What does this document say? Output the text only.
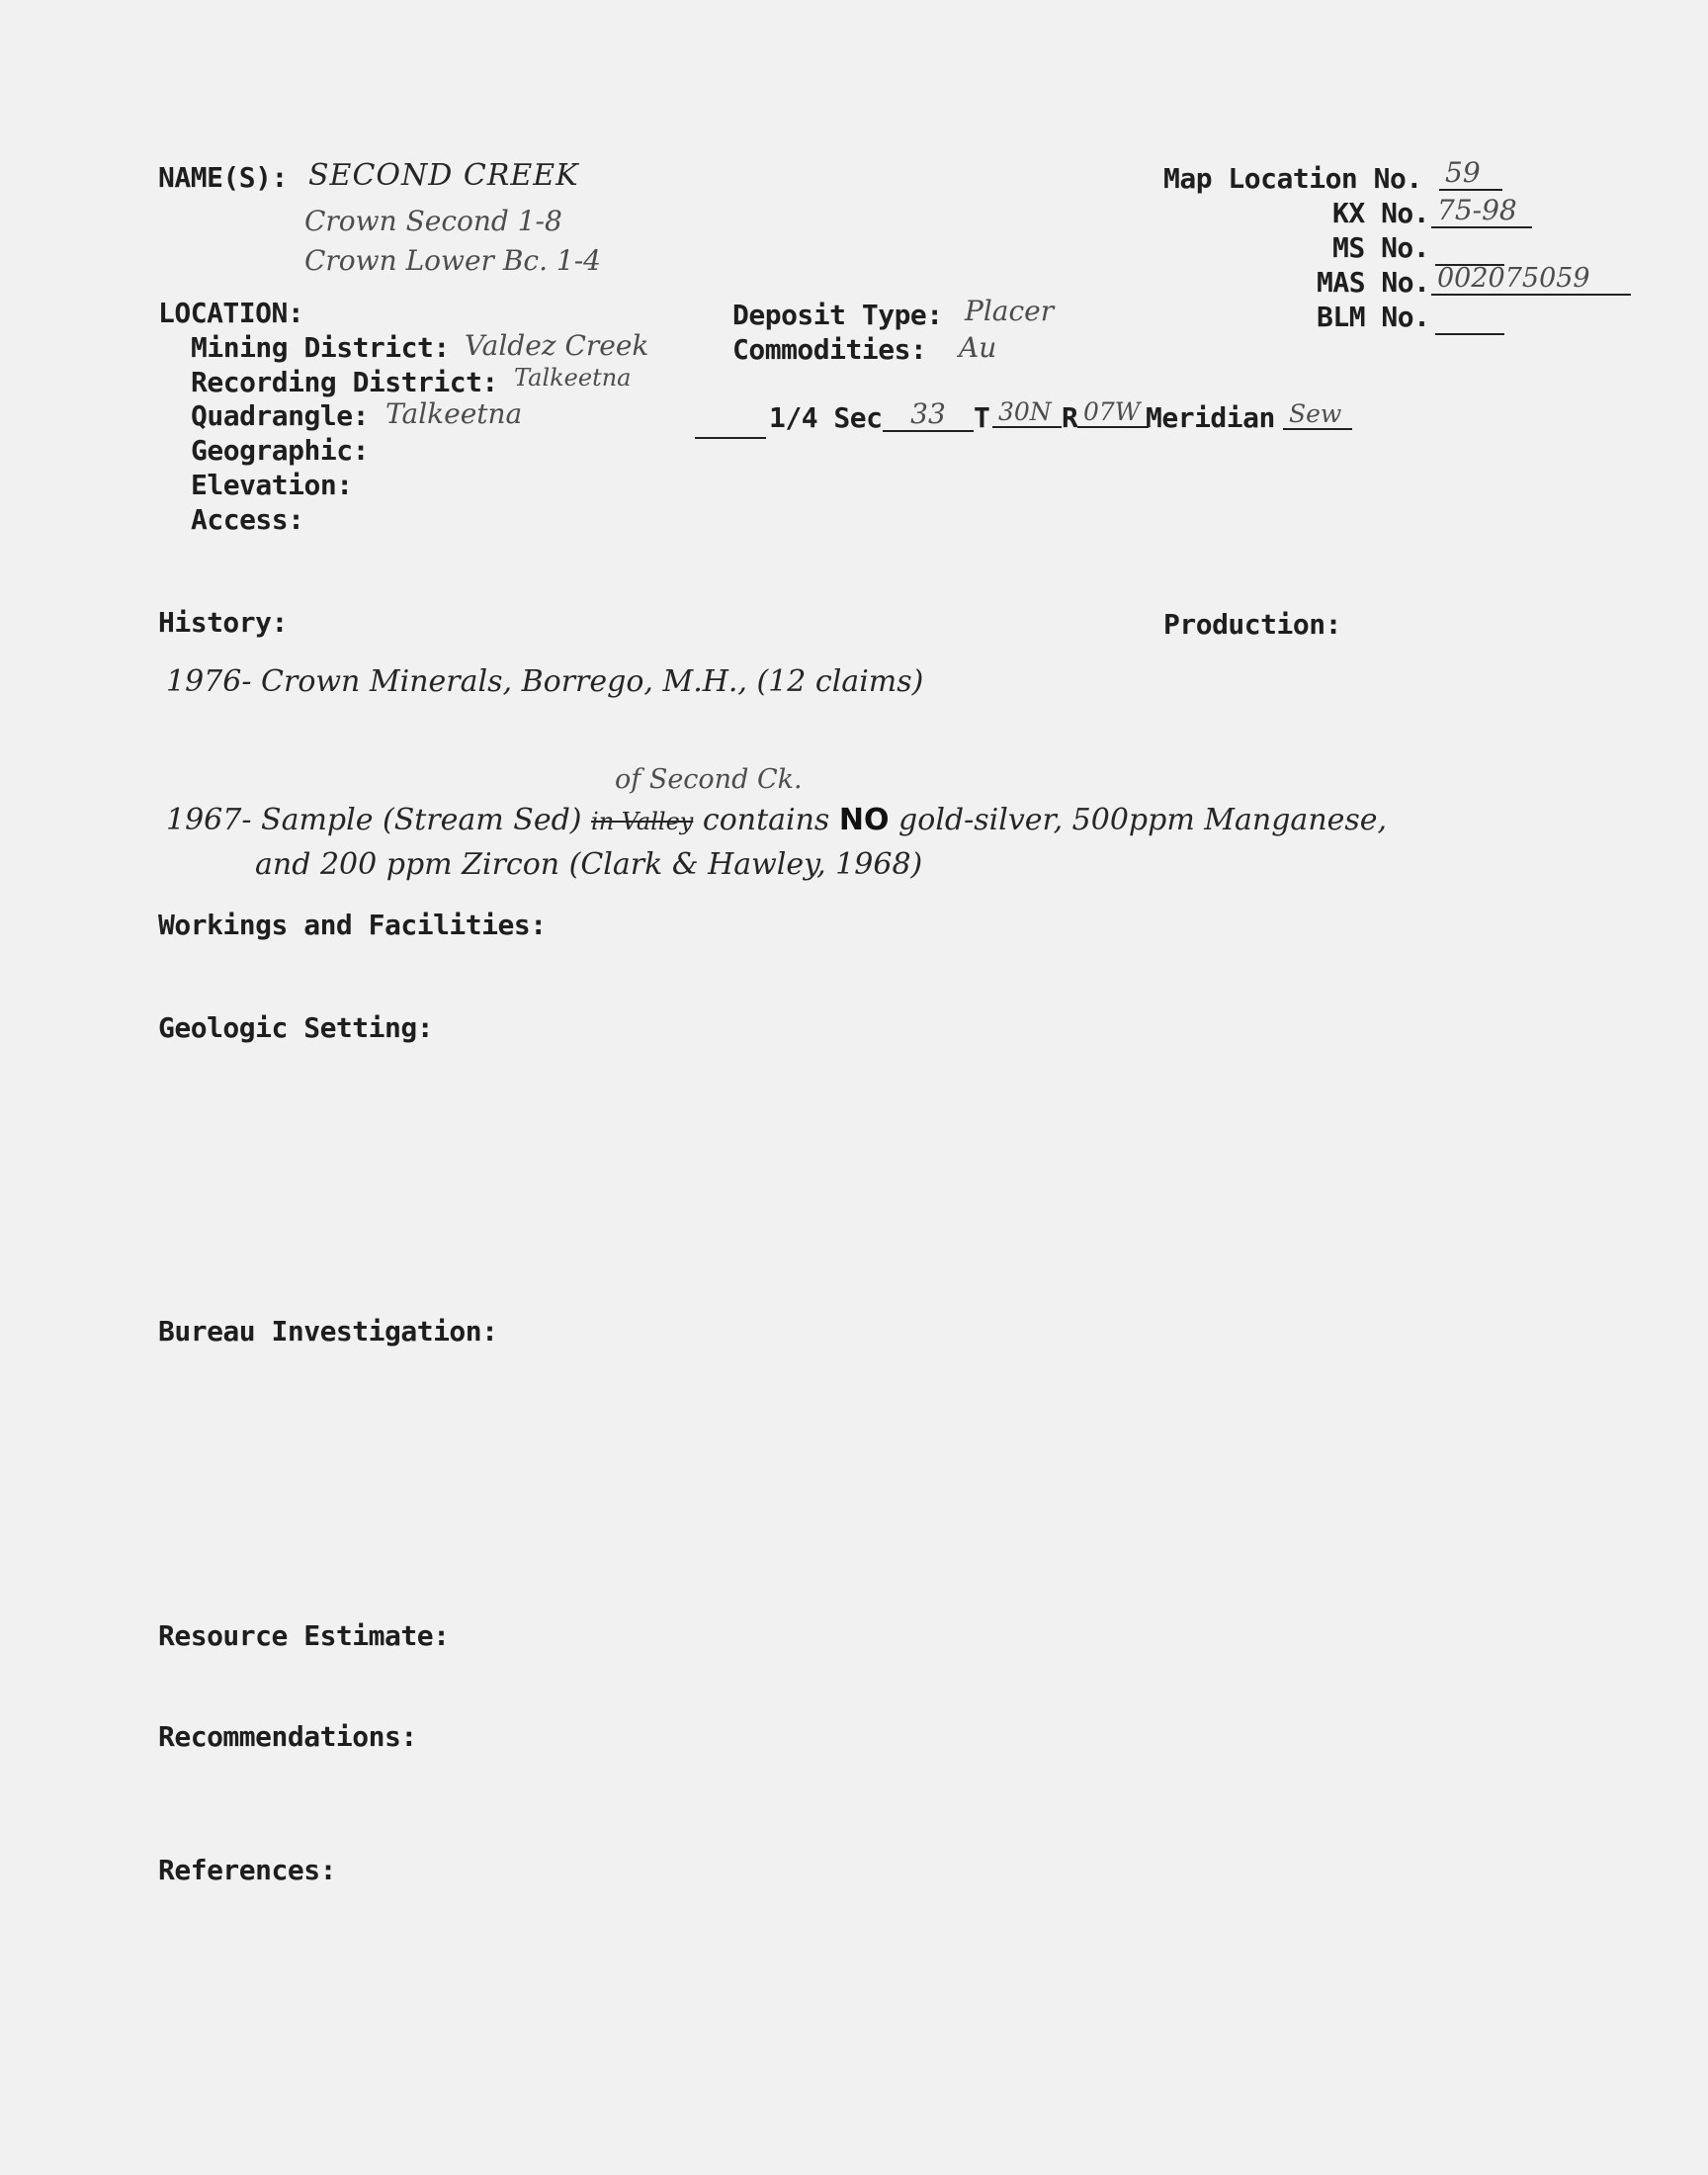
NAME(S): SECOND CREEK
Crown Second 1-8
Crown Lower Bc. 1-4
Map Location No. 59
KX No. 75-98
MS No.
MAS No. 002075059
BLM No.
LOCATION:
Mining District: Valdez Creek
Recording District: Talkeetna
Quadrangle: Talkeetna
Geographic:
Elevation:
Access:
Deposit Type: Placer
Commodities: Au
1/4 Sec	33	T 30N R 07W Meridian Sew
History:	Production:
1976- Crown Minerals, Borrego, M.H., (12 claims)
of Second Ck.
1967- Sample (Stream Sed) in Valley contains NO gold-silver, 500ppm Manganese,
and 200 ppm Zircon (Clark & Hawley, 1968)
Workings and Facilities:
Geologic Setting:
Bureau Investigation:
Resource Estimate:
Recommendations:
References:
